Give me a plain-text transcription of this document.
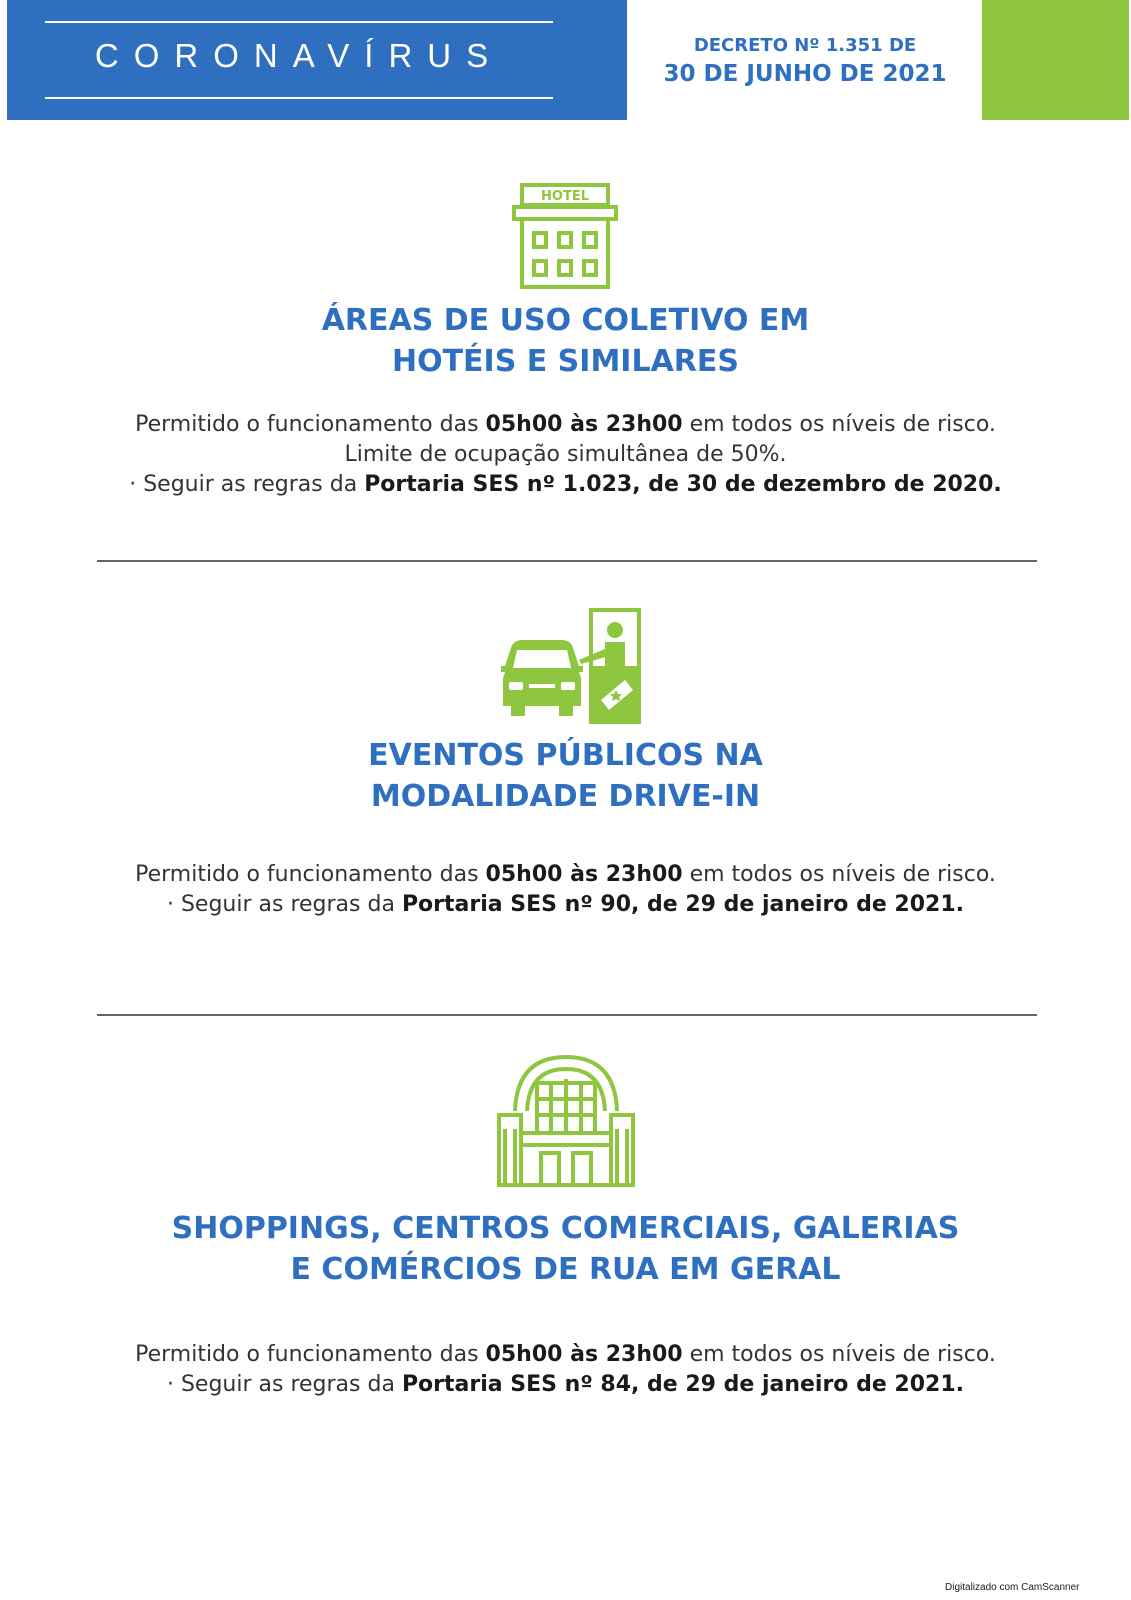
CORONAVÍRUS	DECRETO Nº 1.351 DE
30 DE JUNHO DE 2021
HOTEL
ÁREAS DE USO COLETIVO EM
HOTÉIS E SIMILARES
Permitido o funcionamento das 05h00 às 23h00 em todos os níveis de risco.
Limite de ocupação simultânea de 50%.
· Seguir as regras da Portaria SES nº 1.023, de 30 de dezembro de 2020.
EVENTOS PÚBLICOS NA
MODALIDADE DRIVE-IN
Permitido o funcionamento das 05h00 às 23h00 em todos os níveis de risco.
· Seguir as regras da Portaria SES nº 90, de 29 de janeiro de 2021.
SHOPPINGS, CENTROS COMERCIAIS, GALERIAS
E COMÉRCIOS DE RUA EM GERAL
Permitido o funcionamento das 05h00 às 23h00 em todos os níveis de risco.
· Seguir as regras da Portaria SES nº 84, de 29 de janeiro de 2021.
Digitalizado com CamScanner
